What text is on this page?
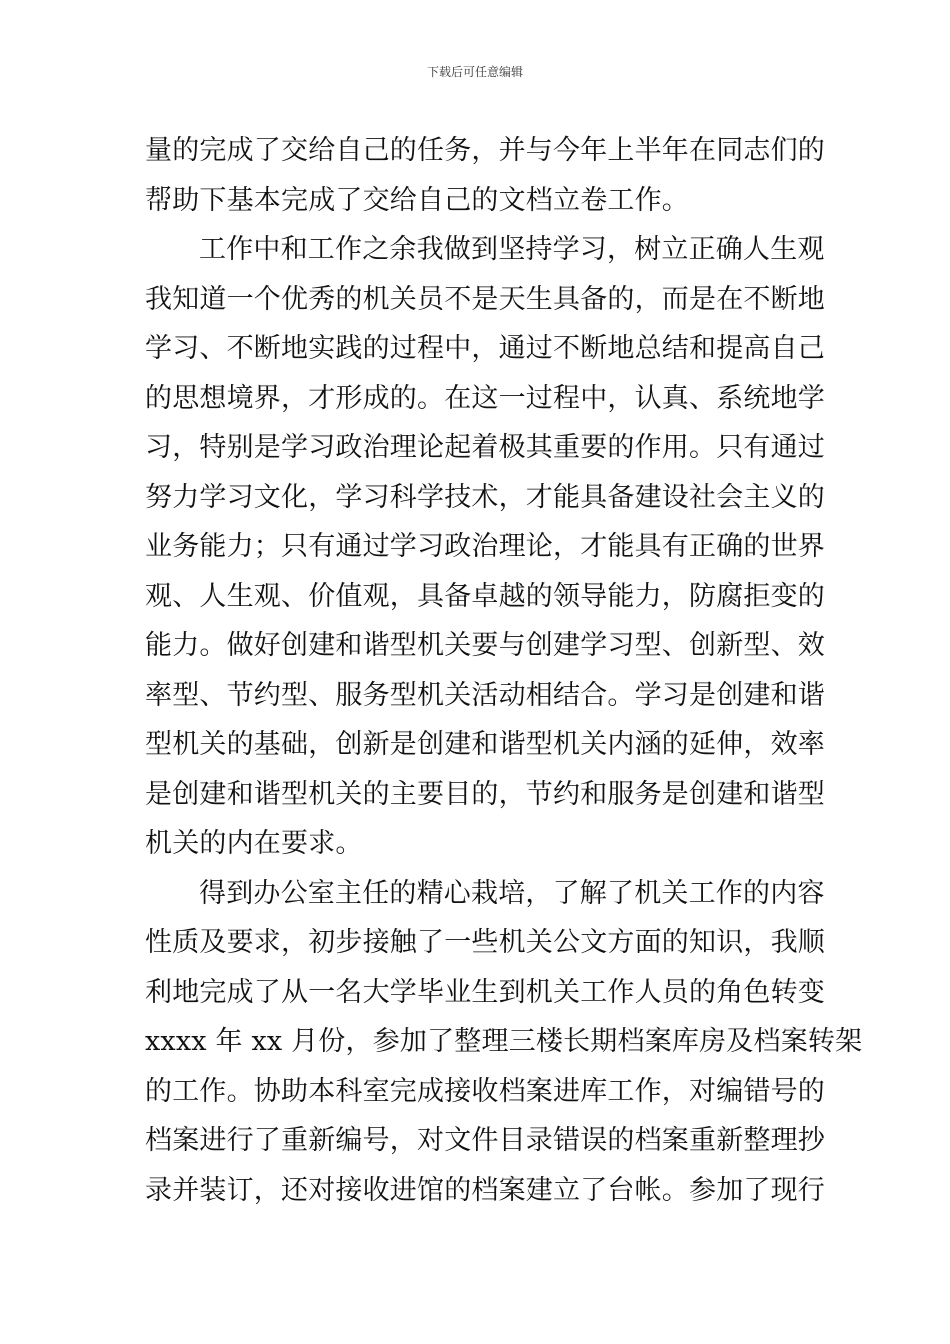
下载后可任意编辑
量的完成了交给自己的任务，并与今年上半年在同志们的
帮助下基本完成了交给自己的文档立卷工作。
工作中和工作之余我做到坚持学习，树立正确人生观
我知道一个优秀的机关员不是天生具备的，而是在不断地
学习、不断地实践的过程中，通过不断地总结和提高自己
的思想境界，才形成的。在这一过程中，认真、系统地学
习，特别是学习政治理论起着极其重要的作用。只有通过
努力学习文化，学习科学技术，才能具备建设社会主义的
业务能力；只有通过学习政治理论，才能具有正确的世界
观、人生观、价值观，具备卓越的领导能力，防腐拒变的
能力。做好创建和谐型机关要与创建学习型、创新型、效
率型、节约型、服务型机关活动相结合。学习是创建和谐
型机关的基础，创新是创建和谐型机关内涵的延伸，效率
是创建和谐型机关的主要目的，节约和服务是创建和谐型
机关的内在要求。
得到办公室主任的精心栽培，了解了机关工作的内容
性质及要求，初步接触了一些机关公文方面的知识，我顺
利地完成了从一名大学毕业生到机关工作人员的角色转变
xxxx 年 xx 月份，参加了整理三楼长期档案库房及档案转架
的工作。协助本科室完成接收档案进库工作，对编错号的
档案进行了重新编号，对文件目录错误的档案重新整理抄
录并装订，还对接收进馆的档案建立了台帐。参加了现行
